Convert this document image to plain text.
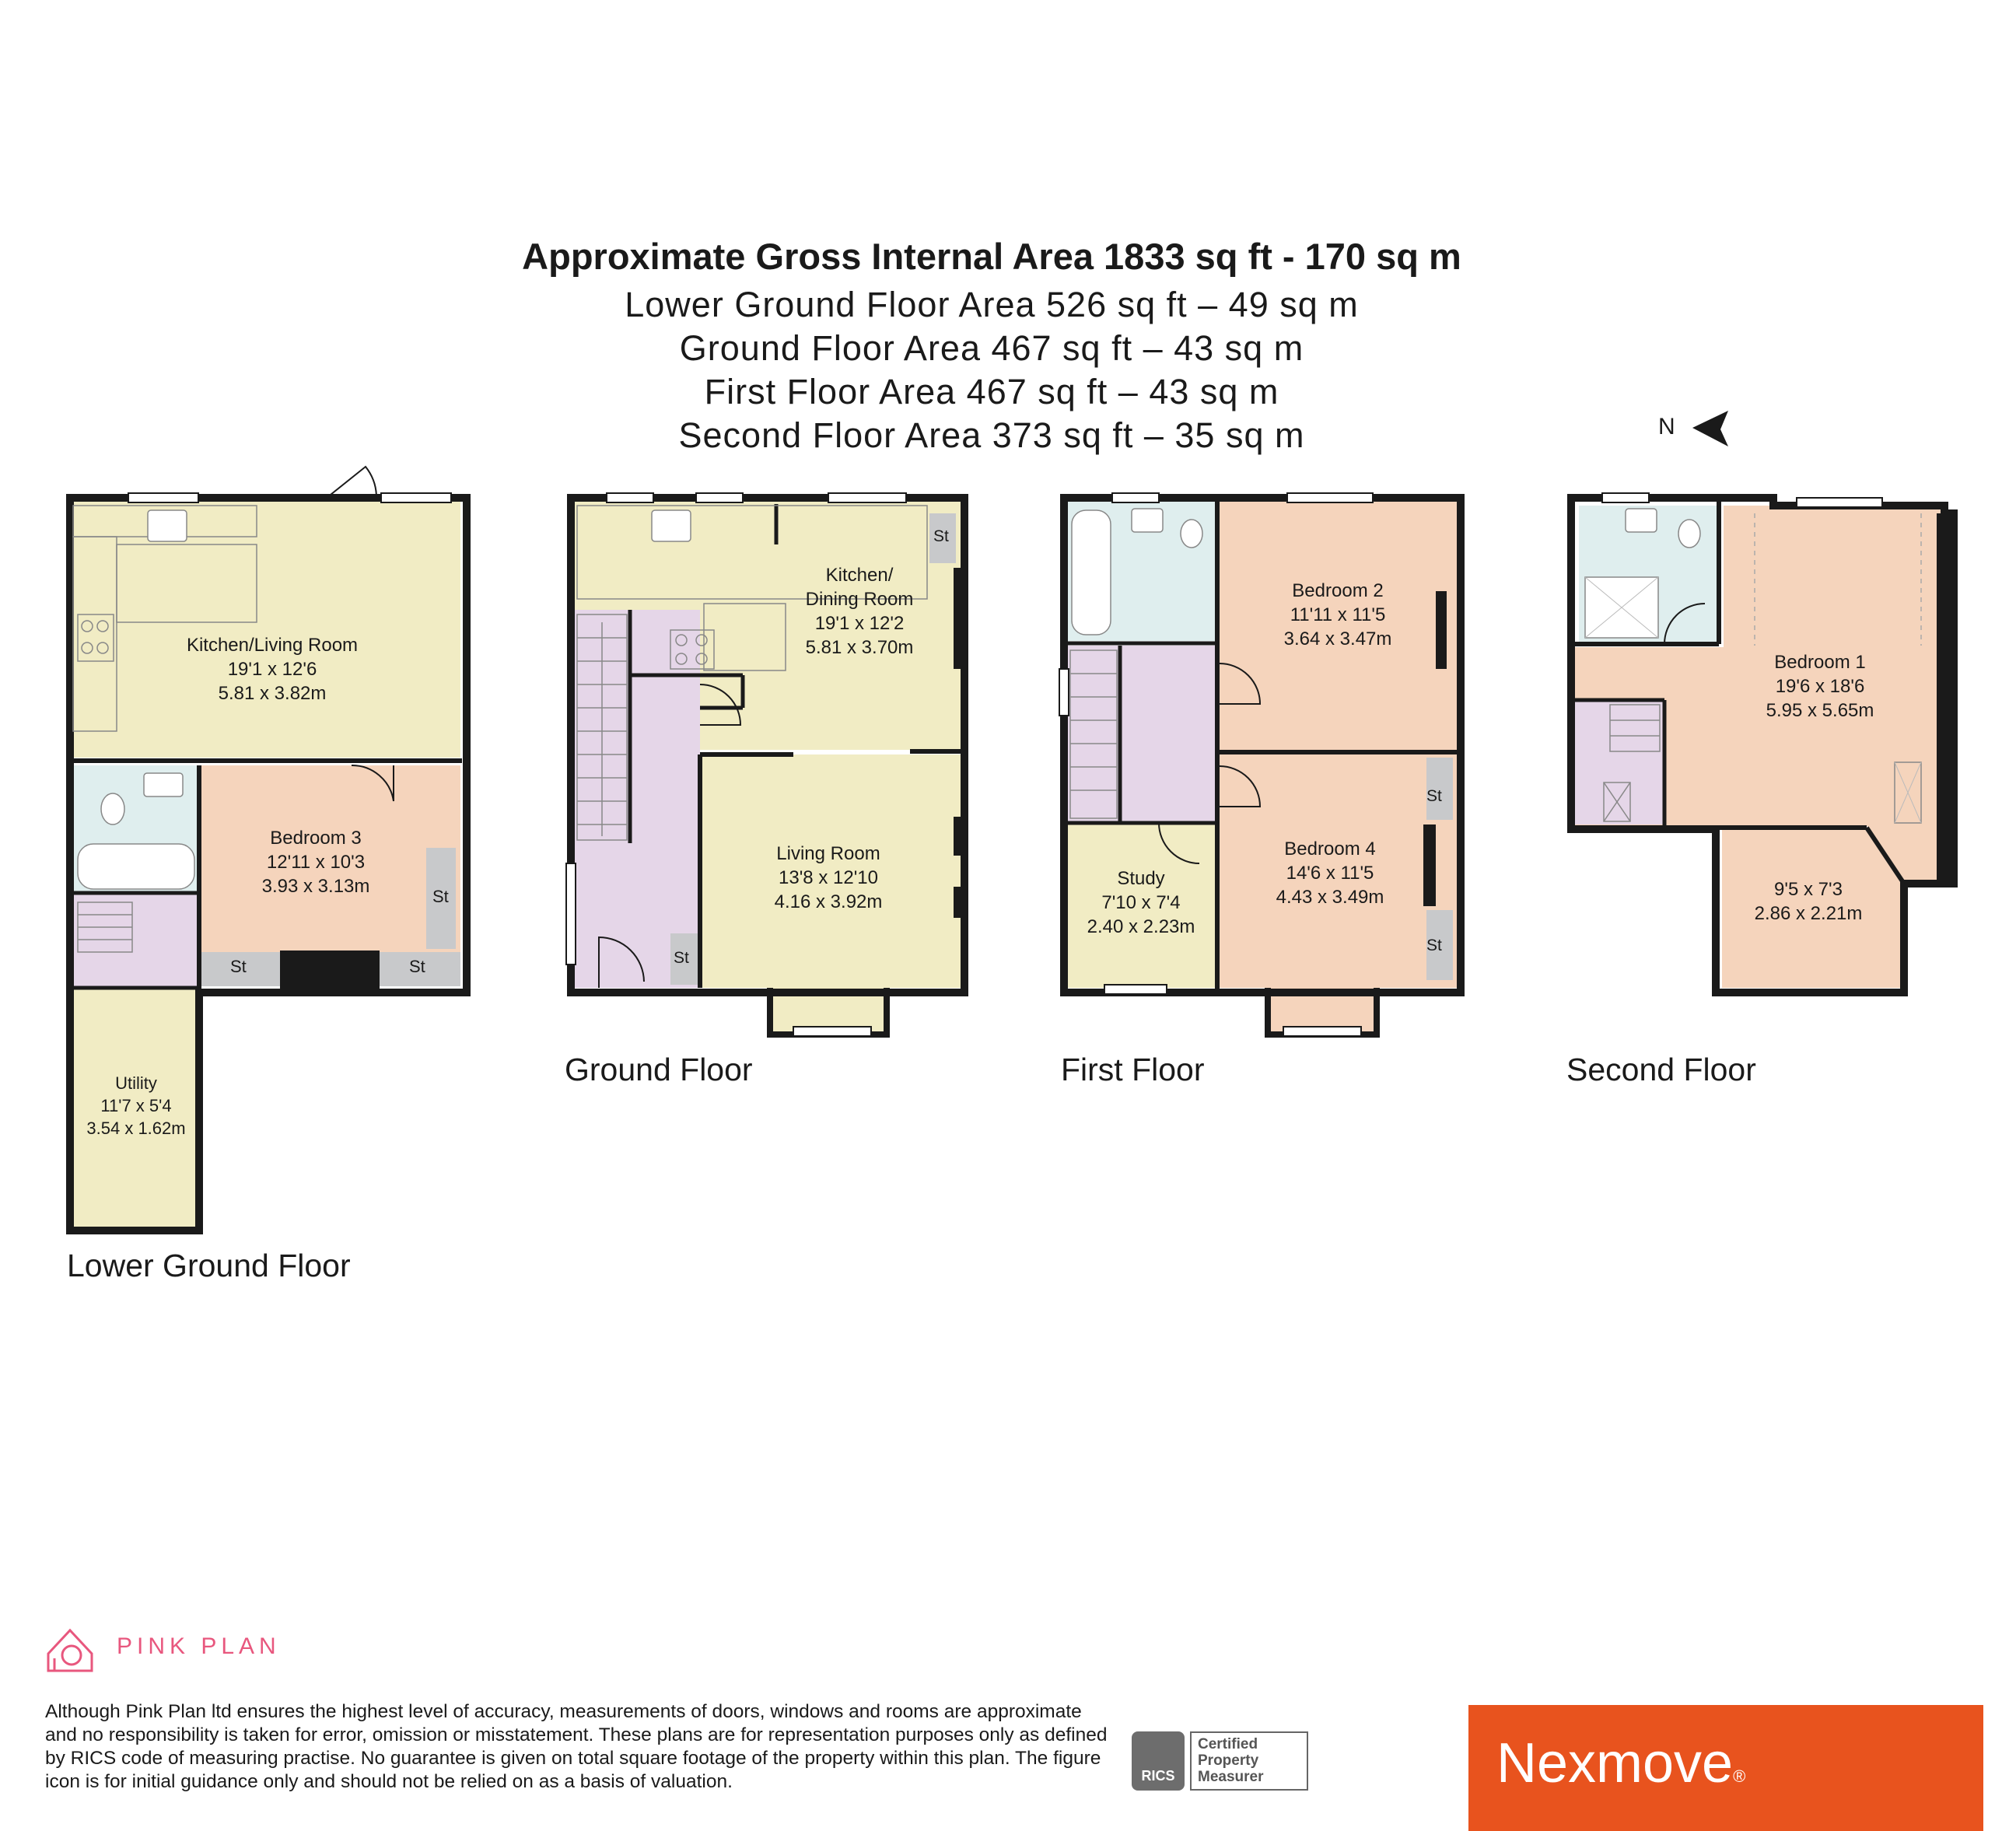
Approximate Gross Internal Area 1833 sq ft - 170 sq m
Lower Ground Floor Area 526 sq ft – 49 sq m
Ground Floor Area 467 sq ft – 43 sq m
First Floor Area 467 sq ft – 43 sq m
Second Floor Area 373 sq ft – 35 sq m	N
Kitchen/Living Room
19'1 x 12'6
5.81 x 3.82m
Bedroom 3
12'11 x 10'3
3.93 x 3.13m
Utility
11'7 x 5'4
3.54 x 1.62m
St	St
St
Kitchen/
Dining Room
19'1 x 12'2
5.81 x 3.70m
Living Room
13'8 x 12'10
4.16 x 3.92m
St
St
Bedroom 2
11'11 x 11'5
3.64 x 3.47m
Bedroom 4
14'6 x 11'5
4.43 x 3.49m
Study
7'10 x 7'4
2.40 x 2.23m
St
St
Bedroom 1
19'6 x 18'6
5.95 x 5.65m
9'5 x 7'3
2.86 x 2.21m
Lower Ground Floor
Ground Floor	First Floor	Second Floor
PINK PLAN
Although Pink Plan ltd ensures the highest level of accuracy, measurements of doors, windows and rooms are approximate and no responsibility is taken for error, omission or misstatement. These plans are for representation purposes only as defined by RICS code of measuring practise. No guarantee is given on total square footage of the property within this plan. The figure icon is for initial guidance only and should not be relied on as a basis of valuation.	RICS
Certified
Property
Measurer	Nexmove®
